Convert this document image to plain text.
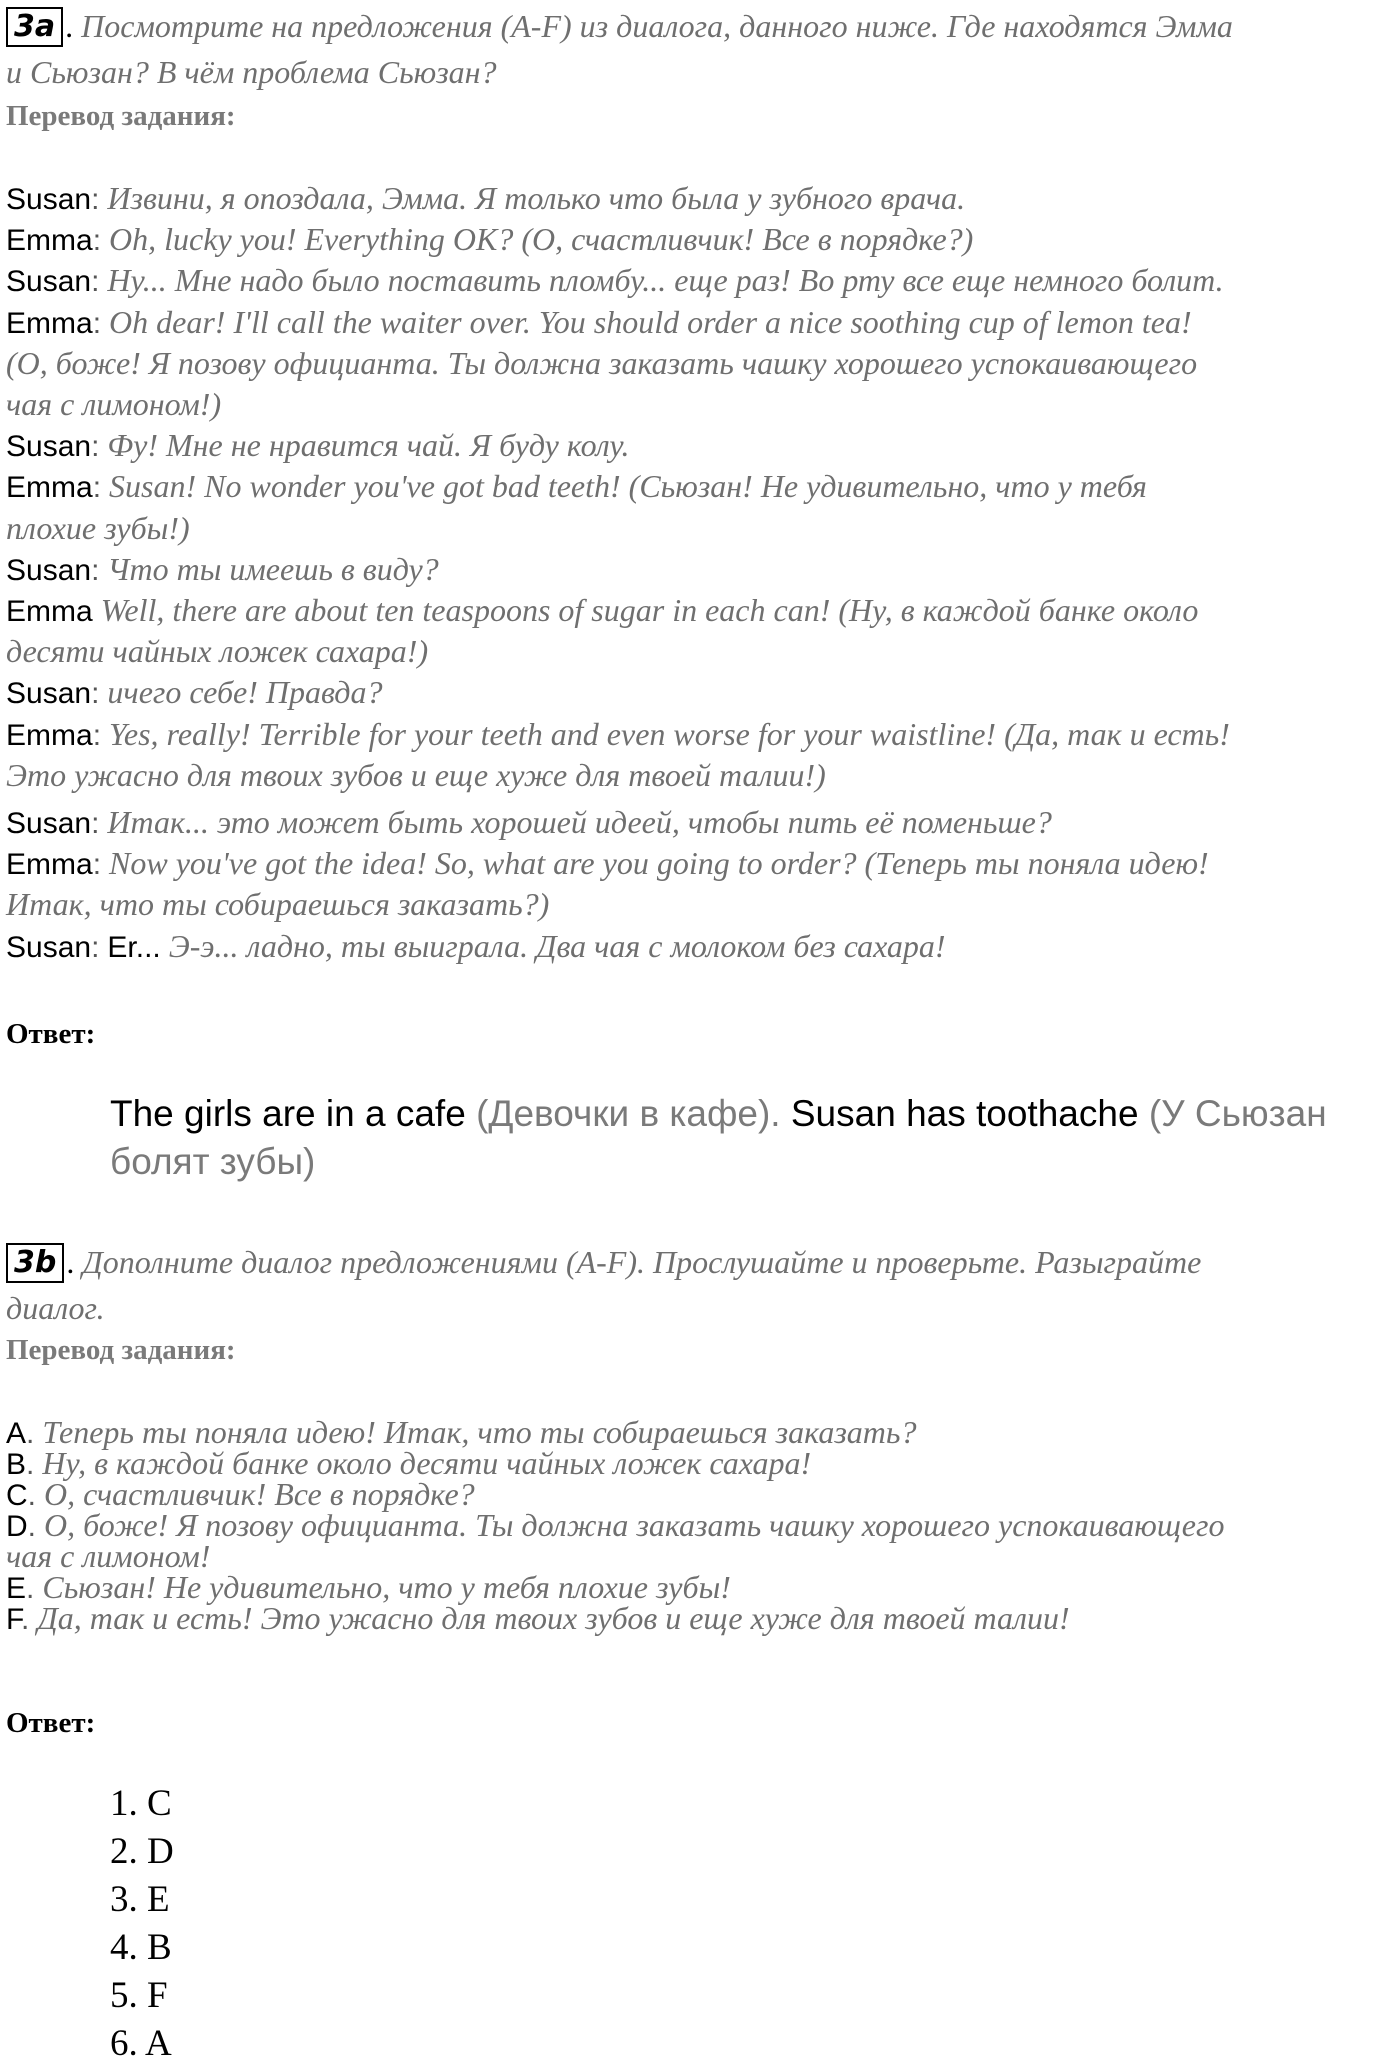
3a . Посмотрите на предложения (A-F) из диалога, данного ниже. Где находятся Эмма
и Сьюзан? В чём проблема Сьюзан?
Перевод задания:
Susan: Извини, я опоздала, Эмма. Я только что была у зубного врача.
Emma: Oh, lucky you! Everything OK? (O, счастливчик! Все в порядке?)
Susan: Ну... Мне надо было поставить пломбу... еще раз! Во рту все еще немного болит.
Emma: Oh dear! I'll call the waiter over. You should order a nice soothing cup of lemon tea!
(О, боже! Я позову официанта. Ты должна заказать чашку хорошего успокаивающего
чая с лимоном!)
Susan: Фу! Мне не нравится чай. Я буду колу.
Emma: Susan! No wonder you've got bad teeth! (Сьюзан! Не удивительно, что у тебя
плохие зубы!)
Susan: Что ты имеешь в виду?
Emma Well, there are about ten teaspoons of sugar in each can! (Ну, в каждой банке около
десяти чайных ложек сахара!)
Susan: ичего себе! Правда?
Emma: Yes, really! Terrible for your teeth and even worse for your waistline! (Да, так и есть!
Это ужасно для твоих зубов и еще хуже для твоей талии!)
Susan: Итак... это может быть хорошей идеей, чтобы пить её поменьше?
Emma: Now you've got the idea! So, what are you going to order? (Теперь ты поняла идею!
Итак, что ты собираешься заказать?)
Susan: Er... Э-э... ладно, ты выиграла. Два чая с молоком без сахара!
Ответ:
The girls are in a cafe (Девочки в кафе). Susan has toothache (У Сьюзан
болят зубы)
3b . Дополните диалог предложениями (A-F). Прослушайте и проверьте. Разыграйте
диалог.
Перевод задания:
A. Теперь ты поняла идею! Итак, что ты собираешься заказать?
B. Ну, в каждой банке около десяти чайных ложек сахара!
C. О, счастливчик! Все в порядке?
D. О, боже! Я позову официанта. Ты должна заказать чашку хорошего успокаивающего
чая с лимоном!
E. Сьюзан! Не удивительно, что у тебя плохие зубы!
F. Да, так и есть! Это ужасно для твоих зубов и еще хуже для твоей талии!
Ответ:
1. C
2. D
3. E
4. B
5. F
6. A
